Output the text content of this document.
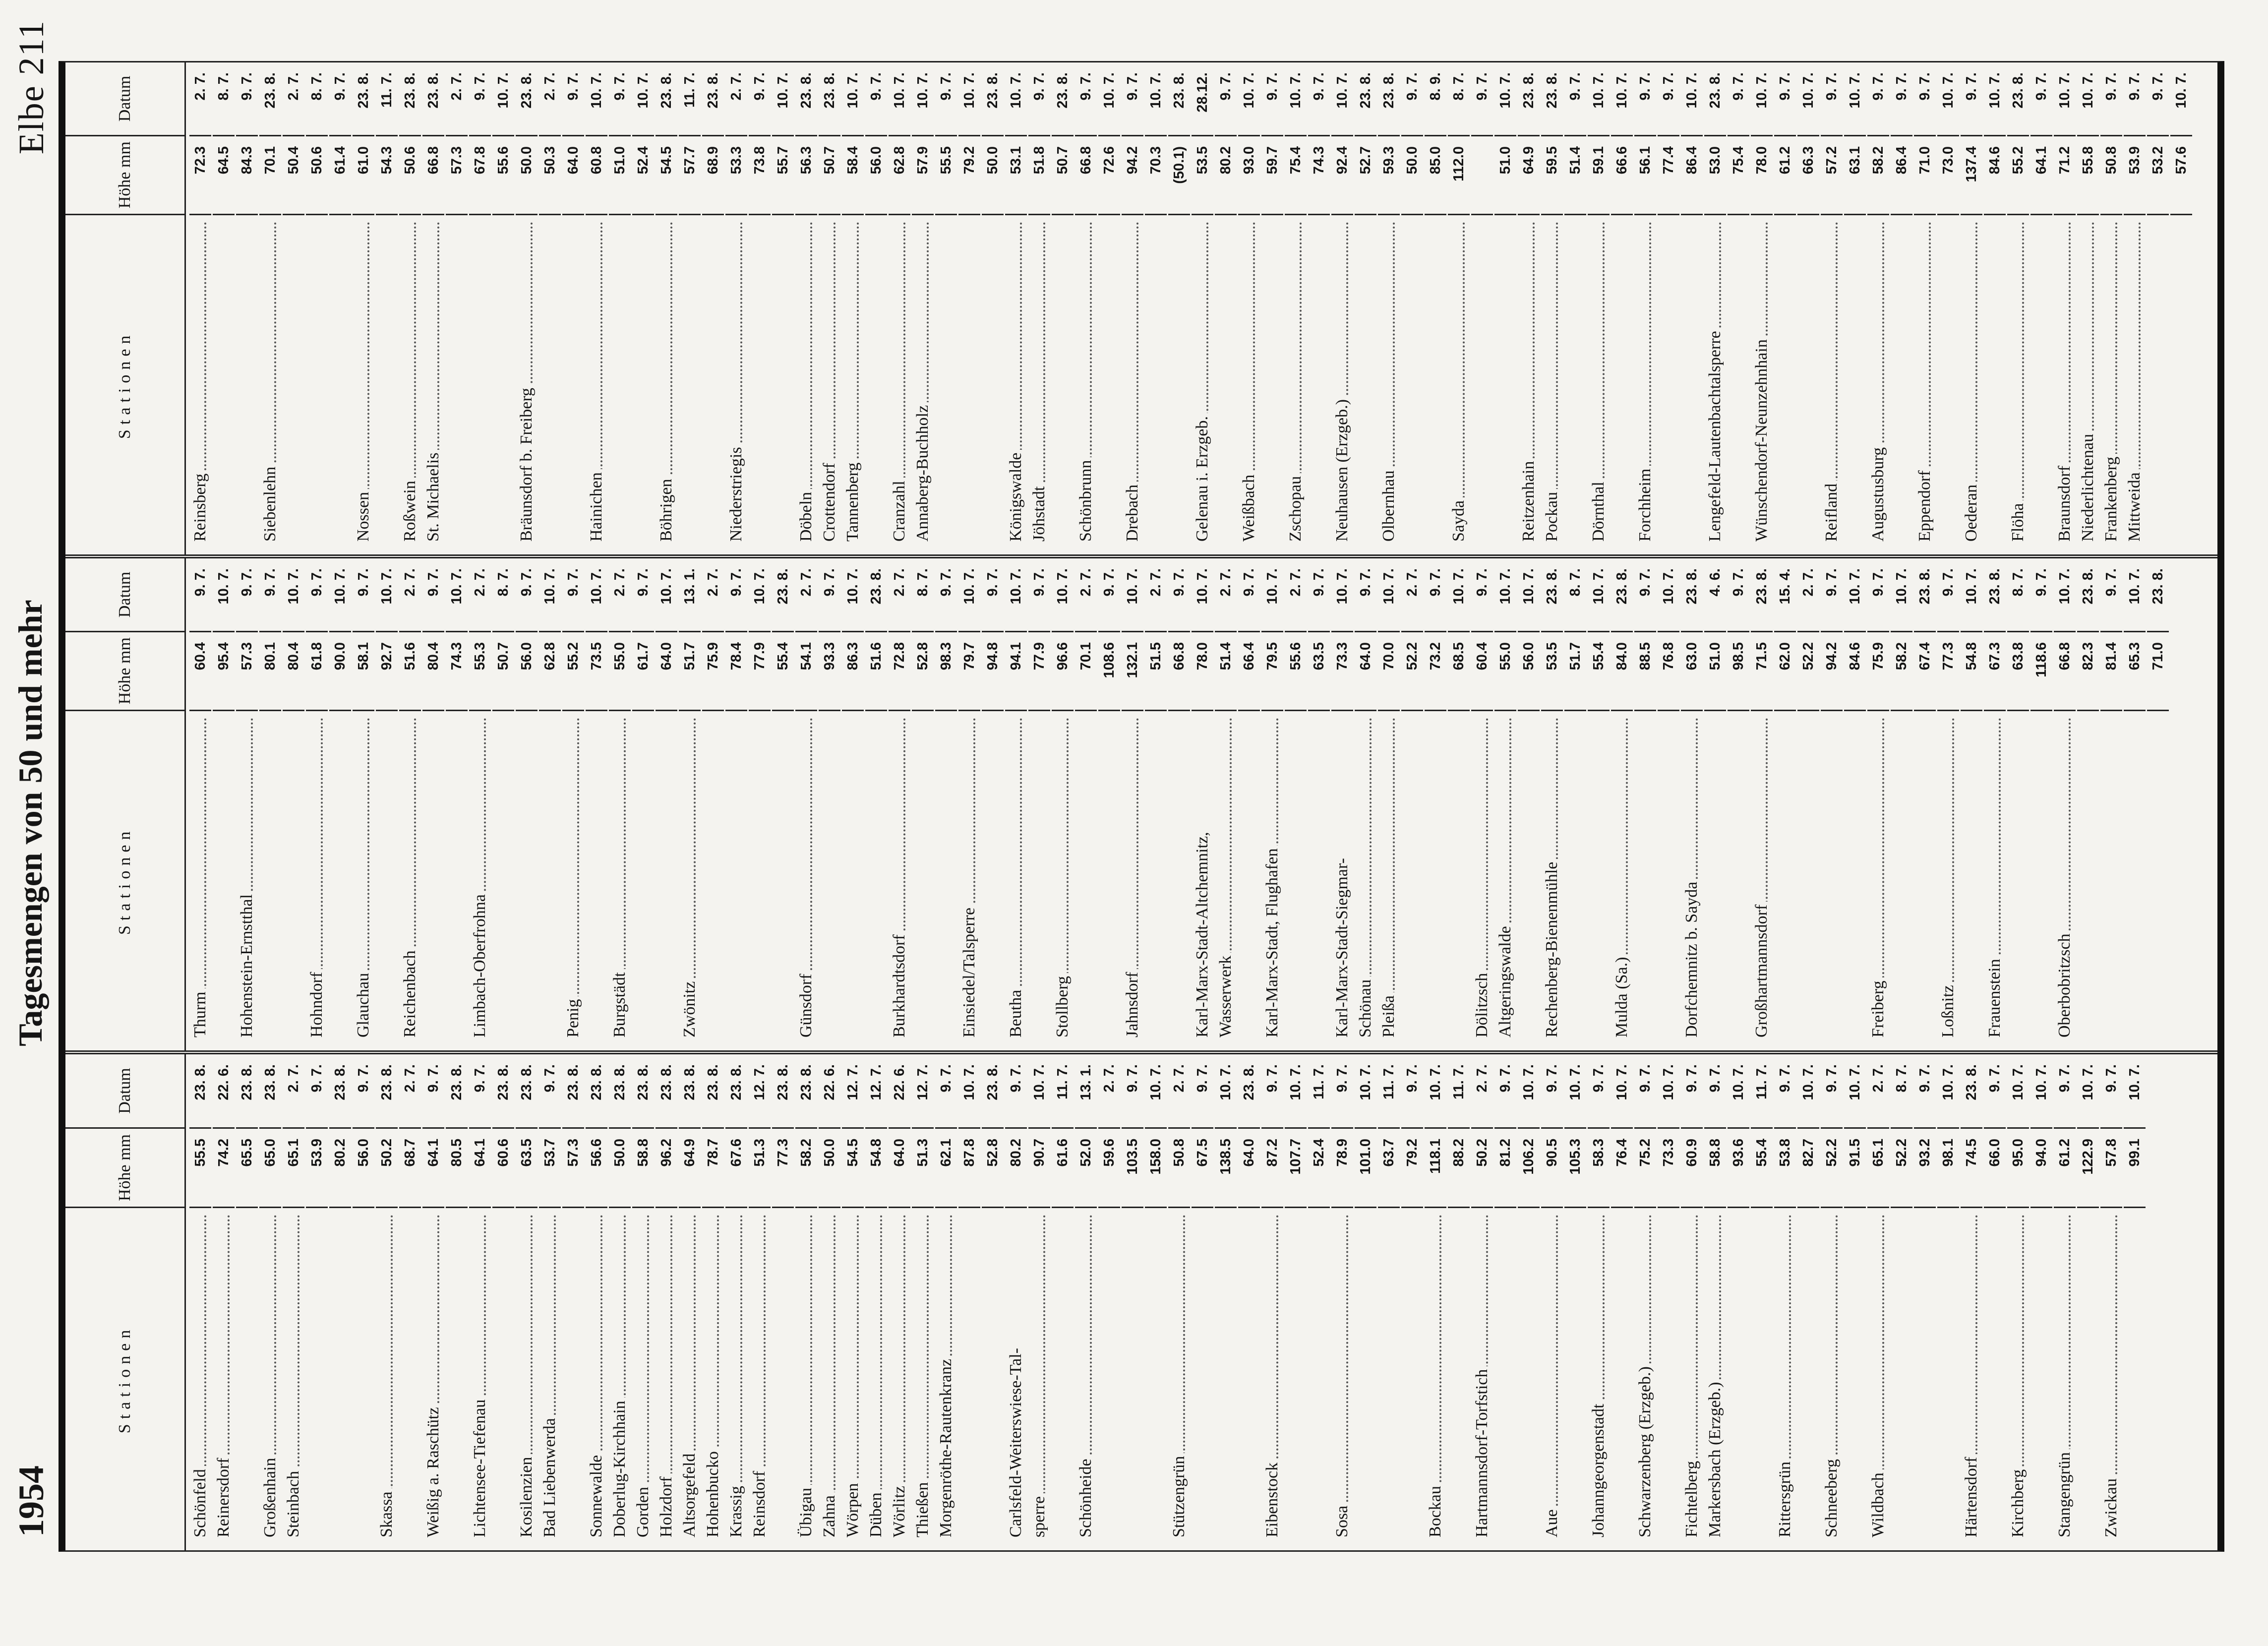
1954
Tagesmengen von 50 und mehr
Elbe 211
Stationen
Höhe mm
Datum
Schönfeld
55.5
23. 8.
Reinersdorf
74.2
22. 6.
65.5
23. 8.
Großenhain
65.0
23. 8.
Steinbach
65.1
2. 7.
53.9
9. 7.
80.2
23. 8.
56.0
9. 7.
Skassa
50.2
23. 8.
68.7
2. 7.
Weißig a. Raschütz
64.1
9. 7.
80.5
23. 8.
Lichtensee-Tiefenau
64.1
9. 7.
60.6
23. 8.
Kosilenzien
63.5
23. 8.
Bad Liebenwerda
53.7
9. 7.
57.3
23. 8.
Sonnewalde
56.6
23. 8.
Doberlug-Kirchhain
50.0
23. 8.
Gorden
58.8
23. 8.
Holzdorf
96.2
23. 8.
Altsorgefeld
64.9
23. 8.
Hohenbucko
78.7
23. 8.
Krassig
67.6
23. 8.
Reinsdorf
51.3
12. 7.
77.3
23. 8.
Übigau
58.2
23. 8.
Zahna
50.0
22. 6.
Wörpen
54.5
12. 7.
Düben
54.8
12. 7.
Wörlitz
64.0
22. 6.
Thießen
51.3
12. 7.
Morgenröthe-Rautenkranz
62.1
9. 7.
87.8
10. 7.
52.8
23. 8.
Carlsfeld-Weiterswiese-Tal-
80.2
9. 7.
sperre
90.7
10. 7.
61.6
11. 7.
Schönheide
52.0
13. 1.
59.6
2. 7.
103.5
9. 7.
158.0
10. 7.
Stützengrün
50.8
2. 7.
67.5
9. 7.
138.5
10. 7.
64.0
23. 8.
Eibenstock
87.2
9. 7.
107.7
10. 7.
52.4
11. 7.
Sosa
78.9
9. 7.
101.0
10. 7.
63.7
11. 7.
79.2
9. 7.
Bockau
118.1
10. 7.
88.2
11. 7.
Hartmannsdorf-Torfstich
50.2
2. 7.
81.2
9. 7.
106.2
10. 7.
Aue
90.5
9. 7.
105.3
10. 7.
Johanngeorgenstadt
58.3
9. 7.
76.4
10. 7.
Schwarzenberg (Erzgeb.)
75.2
9. 7.
73.3
10. 7.
Fichtelberg
60.9
9. 7.
Markersbach (Erzgeb.)
58.8
9. 7.
93.6
10. 7.
55.4
11. 7.
Rittersgrün
53.8
9. 7.
82.7
10. 7.
Schneeberg
52.2
9. 7.
91.5
10. 7.
Wildbach
65.1
2. 7.
52.2
8. 7.
93.2
9. 7.
98.1
10. 7.
Härtensdorf
74.5
23. 8.
66.0
9. 7.
Kirchberg
95.0
10. 7.
94.0
10. 7.
Stangengrün
61.2
9. 7.
122.9
10. 7.
Zwickau
57.8
9. 7.
99.1
10. 7.
Stationen
Höhe mm
Datum
Thurm
60.4
9. 7.
95.4
10. 7.
Hohenstein-Ernstthal
57.3
9. 7.
80.1
9. 7.
80.4
10. 7.
Hohndorf
61.8
9. 7.
90.0
10. 7.
Glauchau
58.1
9. 7.
92.7
10. 7.
Reichenbach
51.6
2. 7.
80.4
9. 7.
74.3
10. 7.
Limbach-Oberfrohna
55.3
2. 7.
50.7
8. 7.
56.0
9. 7.
62.8
10. 7.
Penig
55.2
9. 7.
73.5
10. 7.
Burgstädt
55.0
2. 7.
61.7
9. 7.
64.0
10. 7.
Zwönitz
51.7
13. 1.
75.9
2. 7.
78.4
9. 7.
77.9
10. 7.
55.4
23. 8.
Günsdorf
54.1
2. 7.
93.3
9. 7.
86.3
10. 7.
51.6
23. 8.
Burkhardtsdorf
72.8
2. 7.
52.8
8. 7.
98.3
9. 7.
Einsiedel/Talsperre
79.7
10. 7.
94.8
9. 7.
Beutha
94.1
10. 7.
77.9
9. 7.
Stollberg
96.6
10. 7.
70.1
2. 7.
108.6
9. 7.
Jahnsdorf
132.1
10. 7.
51.5
2. 7.
66.8
9. 7.
Karl-Marx-Stadt-Altchemnitz,
78.0
10. 7.
Wasserwerk
51.4
2. 7.
66.4
9. 7.
Karl-Marx-Stadt, Flughafen
79.5
10. 7.
55.6
2. 7.
63.5
9. 7.
Karl-Marx-Stadt-Siegmar-
73.3
10. 7.
Schönau
64.0
9. 7.
Pleißa
70.0
10. 7.
52.2
2. 7.
73.2
9. 7.
68.5
10. 7.
Dölitzsch
60.4
9. 7.
Altgeringswalde
55.0
10. 7.
56.0
10. 7.
Rechenberg-Bienenmühle
53.5
23. 8.
51.7
8. 7.
55.4
10. 7.
Mulda (Sa.)
84.0
23. 8.
88.5
9. 7.
76.8
10. 7.
Dorfchemnitz b. Sayda
63.0
23. 8.
51.0
4. 6.
98.5
9. 7.
Großhartmannsdorf
71.5
23. 8.
62.0
15. 4.
52.2
2. 7.
94.2
9. 7.
84.6
10. 7.
Freiberg
75.9
9. 7.
58.2
10. 7.
67.4
23. 8.
Loßnitz
77.3
9. 7.
54.8
10. 7.
Frauenstein
67.3
23. 8.
63.8
8. 7.
118.6
9. 7.
Oberbobritzsch
66.8
10. 7.
82.3
23. 8.
81.4
9. 7.
65.3
10. 7.
71.0
23. 8.
Stationen
Höhe mm
Datum
Reinsberg
72.3
2. 7.
64.5
8. 7.
84.3
9. 7.
Siebenlehn
70.1
23. 8.
50.4
2. 7.
50.6
8. 7.
61.4
9. 7.
Nossen
61.0
23. 8.
54.3
11. 7.
Roßwein
50.6
23. 8.
St. Michaelis
66.8
23. 8.
57.3
2. 7.
67.8
9. 7.
55.6
10. 7.
Bräunsdorf b. Freiberg
50.0
23. 8.
50.3
2. 7.
64.0
9. 7.
Hainichen
60.8
10. 7.
51.0
9. 7.
52.4
10. 7.
Böhrigen
54.5
23. 8.
57.7
11. 7.
68.9
23. 8.
Niederstriegis
53.3
2. 7.
73.8
9. 7.
55.7
10. 7.
Döbeln
56.3
23. 8.
Crottendorf
50.7
23. 8.
Tannenberg
58.4
10. 7.
56.0
9. 7.
Cranzahl
62.8
10. 7.
Annaberg-Buchholz
57.9
10. 7.
55.5
9. 7.
79.2
10. 7.
50.0
23. 8.
Königswalde
53.1
10. 7.
Jöhstadt
51.8
9. 7.
50.7
23. 8.
Schönbrunn
66.8
9. 7.
72.6
10. 7.
Drebach
94.2
9. 7.
70.3
10. 7.
(50.1)
23. 8.
Gelenau i. Erzgeb.
53.5
28.12.
80.2
9. 7.
Weißbach
93.0
10. 7.
59.7
9. 7.
Zschopau
75.4
10. 7.
74.3
9. 7.
Neuhausen (Erzgeb.)
92.4
10. 7.
52.7
23. 8.
Olbernhau
59.3
23. 8.
50.0
9. 7.
85.0
8. 9.
Sayda
112.0
8. 7. 9. 7.
51.0
10. 7.
Reitzenhain
64.9
23. 8.
Pockau
59.5
23. 8.
51.4
9. 7.
Dörnthal
59.1
10. 7.
66.6
10. 7.
Forchheim
56.1
9. 7.
77.4
9. 7.
86.4
10. 7.
Lengefeld-Lautenbachtalsperre
53.0
23. 8.
75.4
9. 7.
Wünschendorf-Neunzehnhain
78.0
10. 7.
61.2
9. 7.
66.3
10. 7.
Reifland
57.2
9. 7.
63.1
10. 7.
Augustusburg
58.2
9. 7.
86.4
9. 7.
Eppendorf
71.0
9. 7.
73.0
10. 7.
Oederan
137.4
9. 7.
84.6
10. 7.
Flöha
55.2
23. 8.
64.1
9. 7.
Braunsdorf
71.2
10. 7.
Niederlichtenau
55.8
10. 7.
Frankenberg
50.8
9. 7.
Mittweida
53.9
9. 7.
53.2
9. 7.
57.6
10. 7.
